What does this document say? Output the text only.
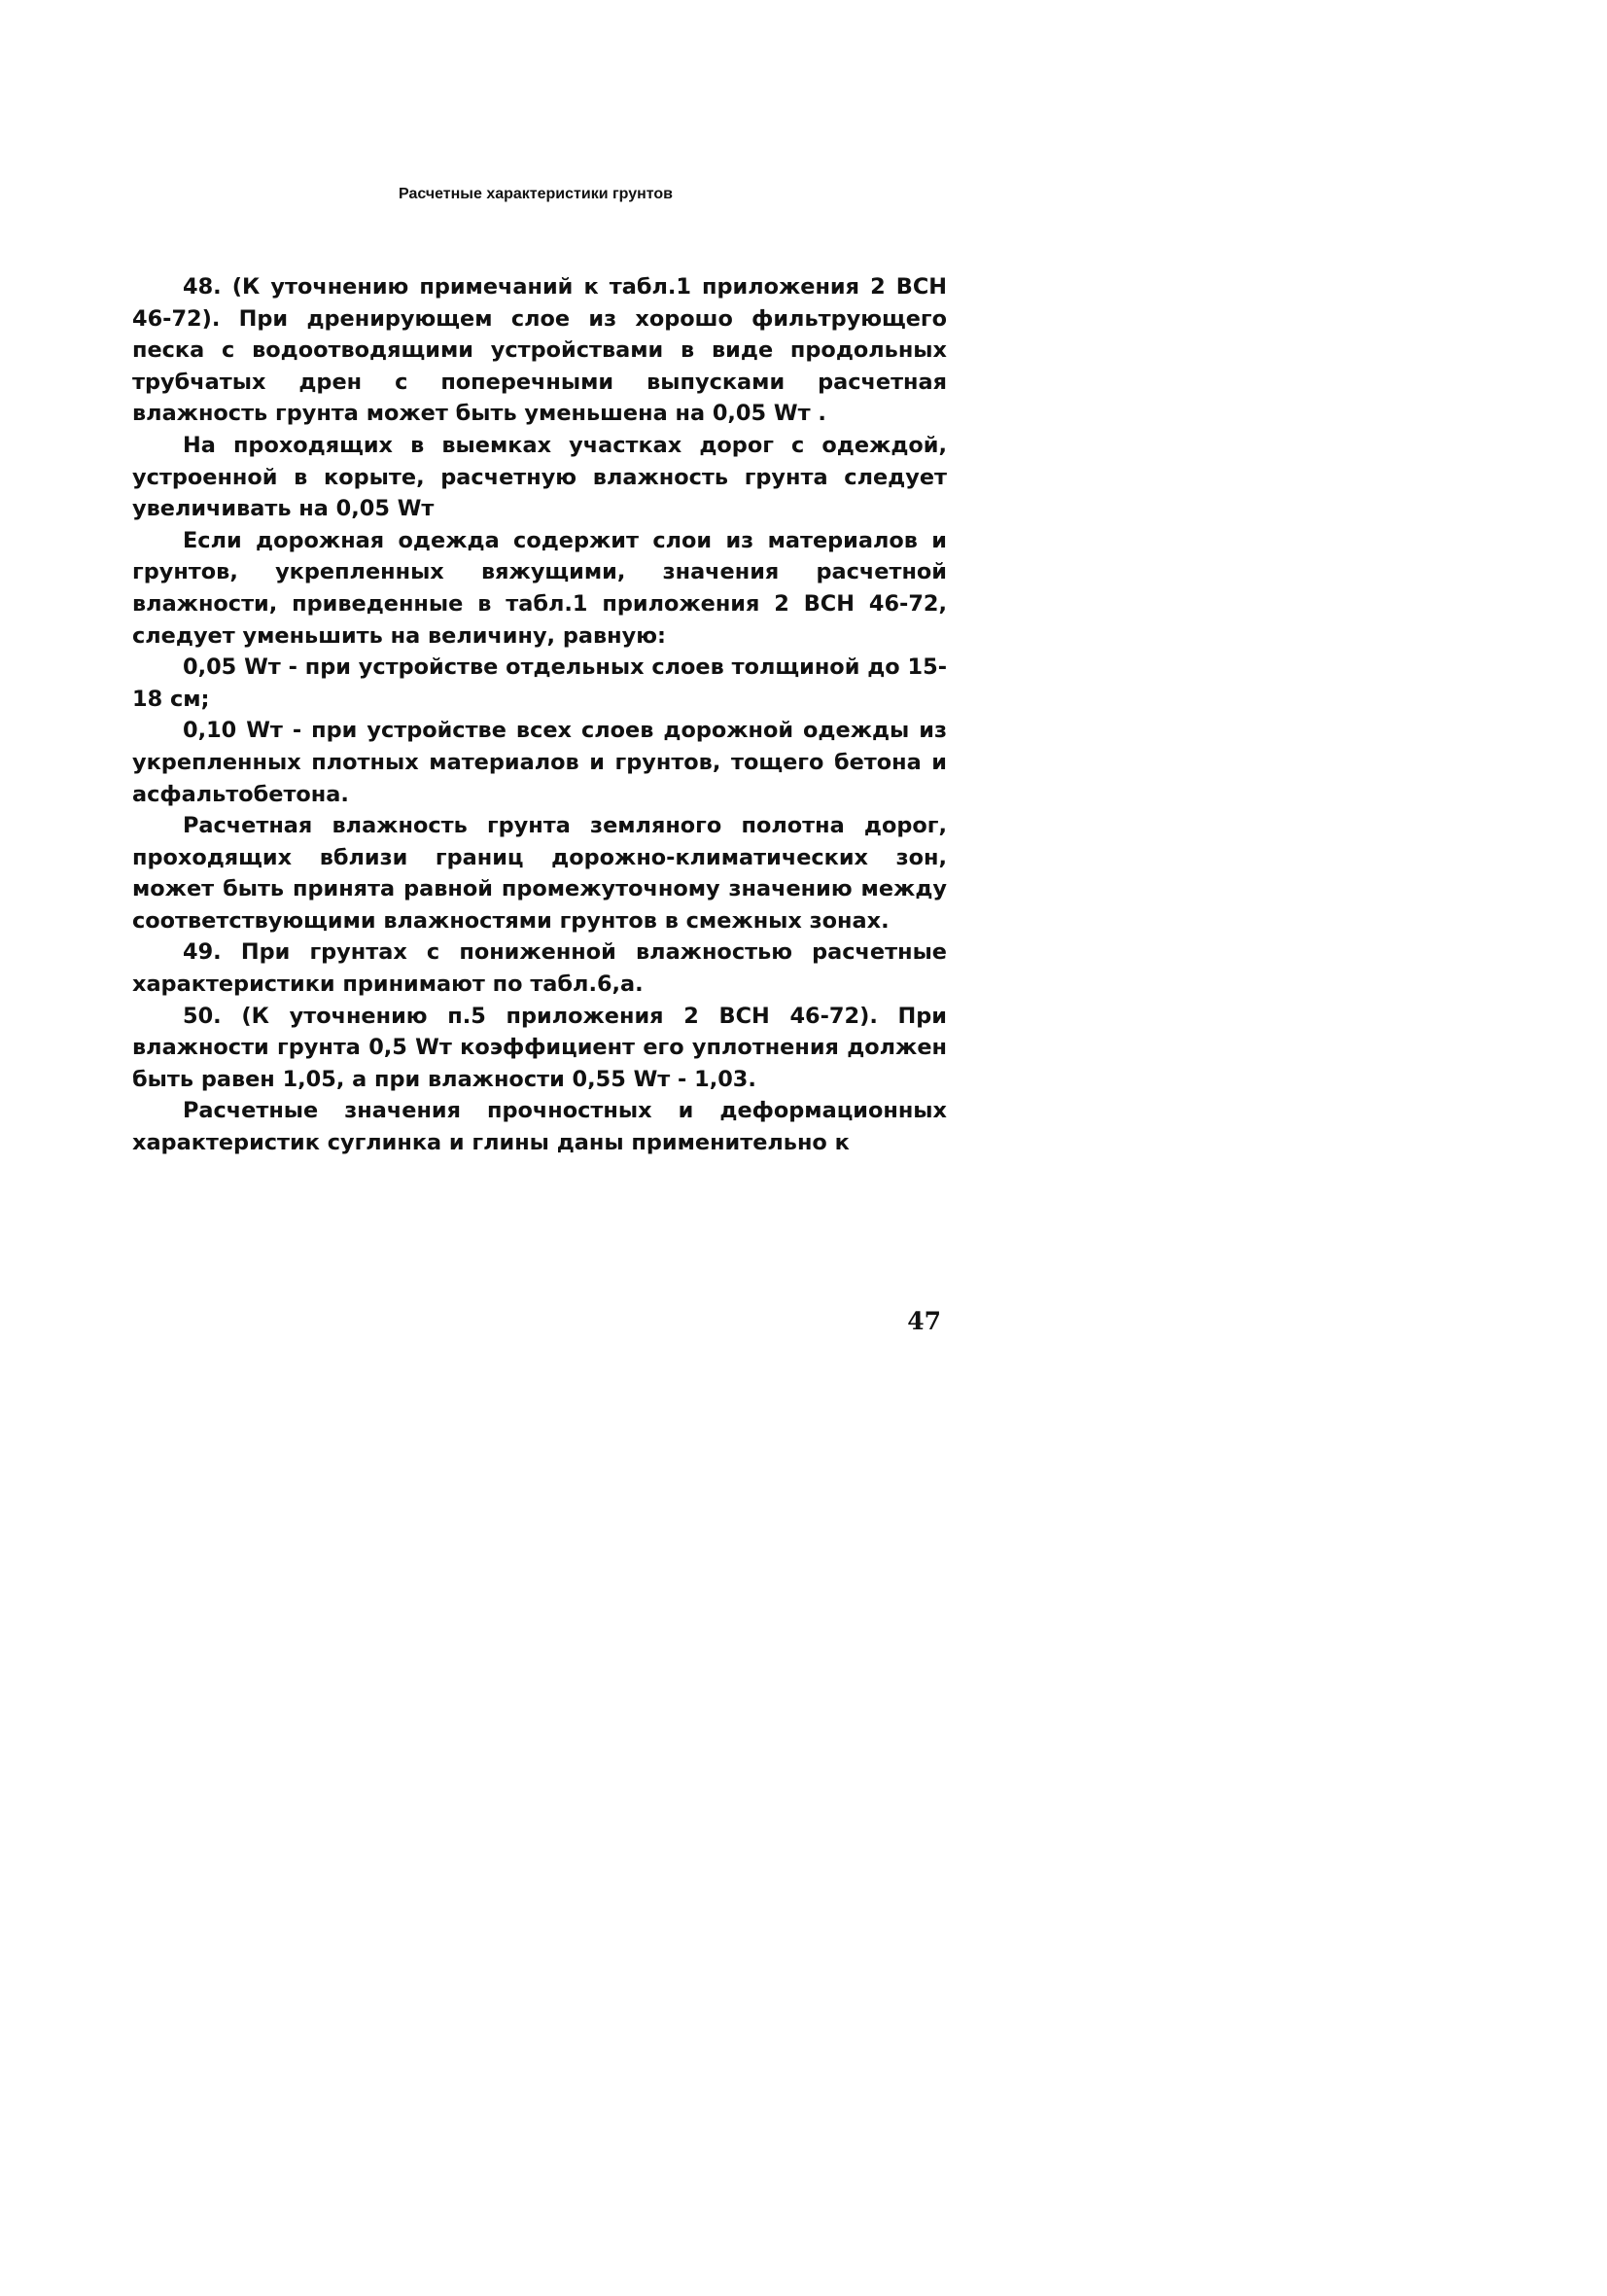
Расчетные характеристики грунтов

48. (К уточнению примечаний к табл.1 приложения 2 ВСН 46-72). При дренирующем слое из хорошо фильтрующего песка с водоотводящими устройствами в виде продольных трубчатых дрен с поперечными выпусками расчетная влажность грунта может быть уменьшена на 0,05 Wт .

На проходящих в выемках участках дорог с одеждой, устроенной в корыте, расчетную влажность грунта следует увеличивать на 0,05 Wт

Если дорожная одежда содержит слои из материалов и грунтов, укрепленных вяжущими, значения расчетной влажности, приведенные в табл.1 приложения 2 ВСН 46-72, следует уменьшить на величину, равную:

0,05 Wт - при устройстве отдельных слоев толщиной до 15-18 см;

0,10 Wт - при устройстве всех слоев дорожной одежды из укрепленных плотных материалов и грунтов, тощего бетона и асфальтобетона.

Расчетная влажность грунта земляного полотна дорог, проходящих вблизи границ дорожно-климатических зон, может быть принята равной промежуточному значению между соответствующими влажностями грунтов в смежных зонах.

49. При грунтах с пониженной влажностью расчетные характеристики принимают по табл.6,а.

50. (К уточнению п.5 приложения 2 ВСН 46-72). При влажности грунта 0,5 Wт коэффициент его уплотнения должен быть равен 1,05, а при влажности 0,55 Wт - 1,03.

Расчетные значения прочностных и деформационных характеристик суглинка и глины даны применительно к

47
